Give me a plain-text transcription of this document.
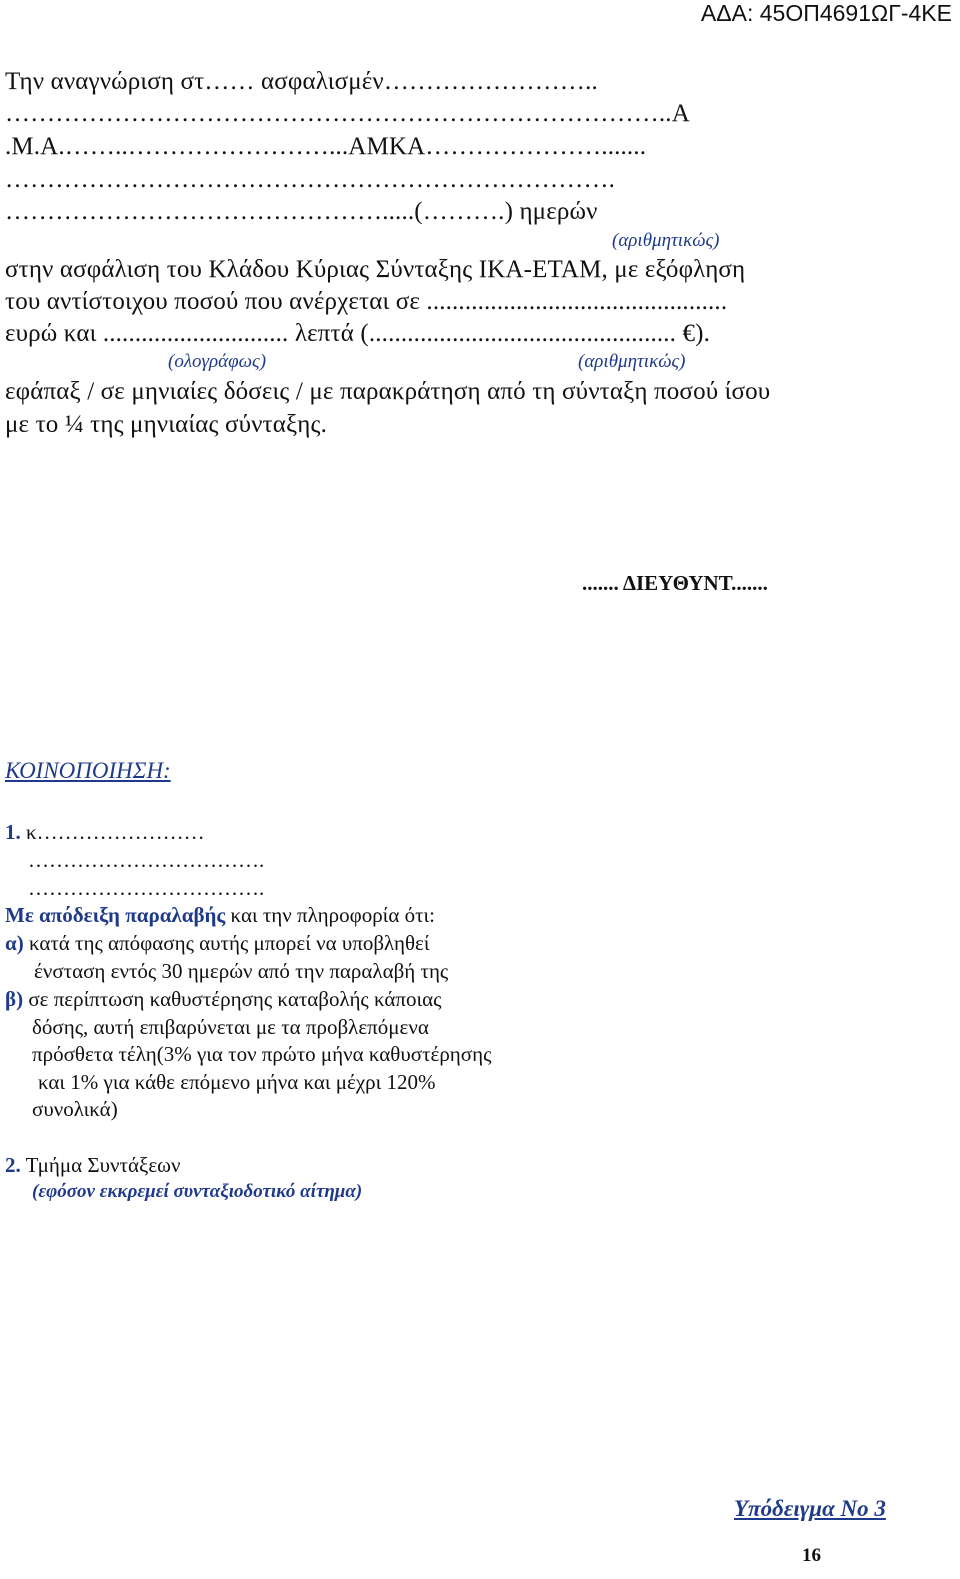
ΑΔΑ: 45ΟΠ4691ΩΓ-4ΚΕ
Την αναγνώριση στ…… ασφαλισμέν……………………..
……………………………………………………………………..Α
.Μ.Α.……..……………………...ΑΜΚΑ………………….......
……………………………………………………………….
……………………………………….....(……….) ημερών
(αριθμητικώς)
στην ασφάλιση του Κλάδου Κύριας Σύνταξης ΙΚΑ-ΕΤΑΜ, με εξόφληση
του αντίστοιχου ποσού που ανέρχεται σε ...............................................
ευρώ και ............................. λεπτά (................................................ €).
(ολογράφως)	(αριθμητικώς)
εφάπαξ / σε μηνιαίες δόσεις / με παρακράτηση από τη σύνταξη ποσού ίσου
με το ¼ της μηνιαίας σύνταξης.
....... ΔΙΕΥΘΥΝΤ.......
ΚΟΙΝΟΠΟΙΗΣΗ:
1. κ……………………
…………………………….
…………………………….
Με απόδειξη παραλαβής και την πληροφορία ότι:
α) κατά της απόφασης αυτής μπορεί να υποβληθεί
ένσταση εντός 30 ημερών από την παραλαβή της
β) σε περίπτωση καθυστέρησης καταβολής κάποιας
δόσης, αυτή επιβαρύνεται με τα προβλεπόμενα
πρόσθετα τέλη(3% για τον πρώτο μήνα καθυστέρησης
και 1% για κάθε επόμενο μήνα και μέχρι 120%
συνολικά)
2. Τμήμα Συντάξεων
(εφόσον εκκρεμεί συνταξιοδοτικό αίτημα)
Υπόδειγμα Νο 3
16
